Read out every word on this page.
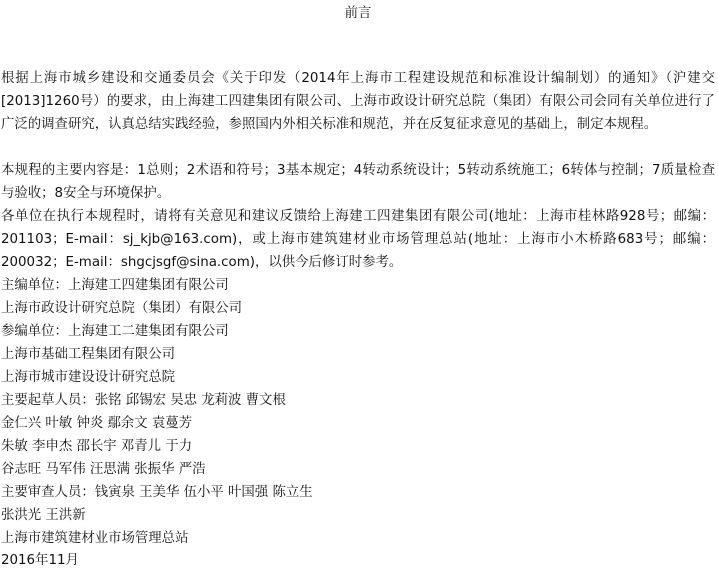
前言
根据上海市城乡建设和交通委员会《关于印发（2014年上海市工程建设规范和标准设计编制划）的通知》（沪建交[2013]1260号）的要求，由上海建工四建集团有限公司、上海市政设计研究总院（集团）有限公司会同有关单位进行了广泛的调查研究，认真总结实践经验，参照国内外相关标准和规范，并在反复征求意见的基础上，制定本规程。
本规程的主要内容是：1总则；2术语和符号；3基本规定；4转动系统设计；5转动系统施工；6转体与控制；7质量检查与验收；8安全与环境保护。
各单位在执行本规程时，请将有关意见和建议反馈给上海建工四建集团有限公司(地址：上海市桂林路928号；邮编：201103；E-mail：sj_kjb@163.com)，或上海市建筑建材业市场管理总站(地址：上海市小木桥路683号；邮编：200032；E-mail：shgcjsgf@sina.com)，以供今后修订时参考。
主编单位：上海建工四建集团有限公司
上海市政设计研究总院（集团）有限公司
参编单位：上海建工二建集团有限公司
上海市基础工程集团有限公司
上海市城市建设设计研究总院
主要起草人员：张铭 邱锡宏 吴忠 龙莉波 曹文根
金仁兴 叶敏 钟炎 鄢余文 袁蔓芳
朱敏 李申杰 邵长宇 邓青儿 于力
谷志旺 马军伟 汪思满 张振华 严浩
主要审查人员：钱寅泉 王美华 伍小平 叶国强 陈立生
张洪光 王洪新
上海市建筑建材业市场管理总站
2016年11月
